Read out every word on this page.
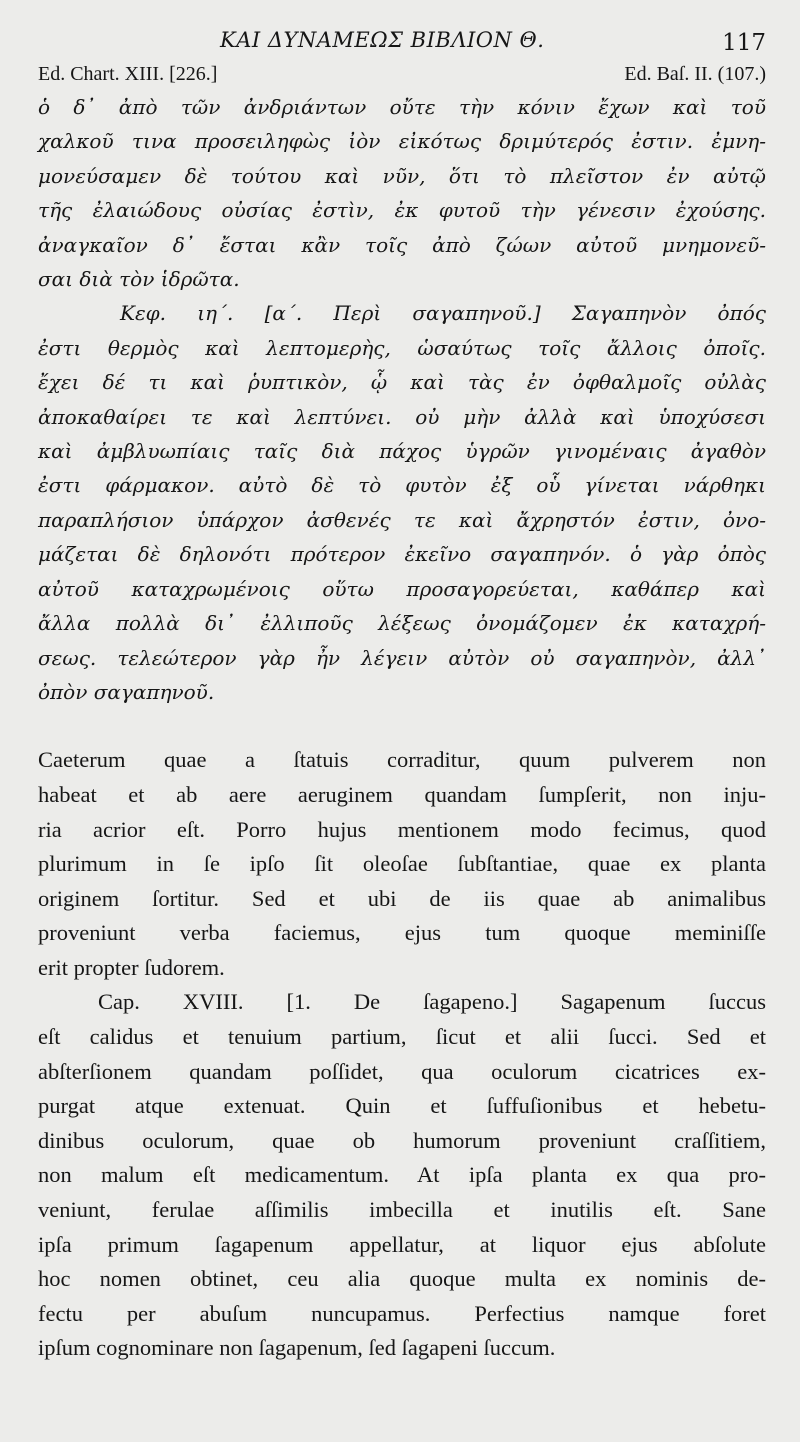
ΚΑΙ ΔΥΝΑΜΕΩΣ ΒΙΒΛΙΟΝ Θ.	117
Ed. Chart. XIII. [226.]	Ed. Baſ. II. (107.)
ὁ δ᾽ ἀπὸ τῶν ἀνδριάντων οὔτε τὴν κόνιν ἔχων καὶ τοῦ
χαλκοῦ τινα προσειληφὼς ἰὸν εἰκότως δριμύτερός ἐστιν. ἐμνη-
μονεύσαμεν δὲ τούτου καὶ νῦν, ὅτι τὸ πλεῖστον ἐν αὐτῷ
τῆς ἐλαιώδους οὐσίας ἐστὶν, ἐκ φυτοῦ τὴν γένεσιν ἐχούσης.
ἀναγκαῖον δ᾽ ἔσται κἂν τοῖς ἀπὸ ζώων αὐτοῦ μνημονεῦ-
σαι διὰ τὸν ἱδρῶτα.
Κεφ. ιη΄. [α΄. Περὶ σαγαπηνοῦ.] Σαγαπηνὸν ὀπός
ἐστι θερμὸς καὶ λεπτομερὴς, ὡσαύτως τοῖς ἄλλοις ὀποῖς.
ἔχει δέ τι καὶ ῥυπτικὸν, ᾧ καὶ τὰς ἐν ὀφθαλμοῖς οὐλὰς
ἀποκαθαίρει τε καὶ λεπτύνει. οὐ μὴν ἀλλὰ καὶ ὑποχύσεσι
καὶ ἀμβλυωπίαις ταῖς διὰ πάχος ὑγρῶν γινομέναις ἀγαθὸν
ἐστι φάρμακον. αὐτὸ δὲ τὸ φυτὸν ἐξ οὗ γίνεται νάρθηκι
παραπλήσιον ὑπάρχον ἀσθενές τε καὶ ἄχρηστόν ἐστιν, ὀνο-
μάζεται δὲ δηλονότι πρότερον ἐκεῖνο σαγαπηνόν. ὁ γὰρ ὀπὸς
αὐτοῦ καταχρωμένοις οὕτω προσαγορεύεται, καθάπερ καὶ
ἄλλα πολλὰ δι᾽ ἐλλιποῦς λέξεως ὀνομάζομεν ἐκ καταχρή-
σεως. τελεώτερον γὰρ ἦν λέγειν αὐτὸν οὐ σαγαπηνὸν, ἀλλ᾽
ὀπὸν σαγαπηνοῦ.
Caeterum quae a ſtatuis corraditur, quum pulverem non
habeat et ab aere aeruginem quandam ſumpſerit, non inju-
ria acrior eſt. Porro hujus mentionem modo fecimus, quod
plurimum in ſe ipſo ſit oleoſae ſubſtantiae, quae ex planta
originem ſortitur. Sed et ubi de iis quae ab animalibus
proveniunt verba faciemus, ejus tum quoque meminiſſe
erit propter ſudorem.
Cap. XVIII. [1. De ſagapeno.] Sagapenum ſuccus
eſt calidus et tenuium partium, ſicut et alii ſucci. Sed et
abſterſionem quandam poſſidet, qua oculorum cicatrices ex-
purgat atque extenuat. Quin et ſuffuſionibus et hebetu-
dinibus oculorum, quae ob humorum proveniunt craſſitiem,
non malum eſt medicamentum. At ipſa planta ex qua pro-
veniunt, ferulae aſſimilis imbecilla et inutilis eſt. Sane
ipſa primum ſagapenum appellatur, at liquor ejus abſolute
hoc nomen obtinet, ceu alia quoque multa ex nominis de-
fectu per abuſum nuncupamus. Perfectius namque foret
ipſum cognominare non ſagapenum, ſed ſagapeni ſuccum.
